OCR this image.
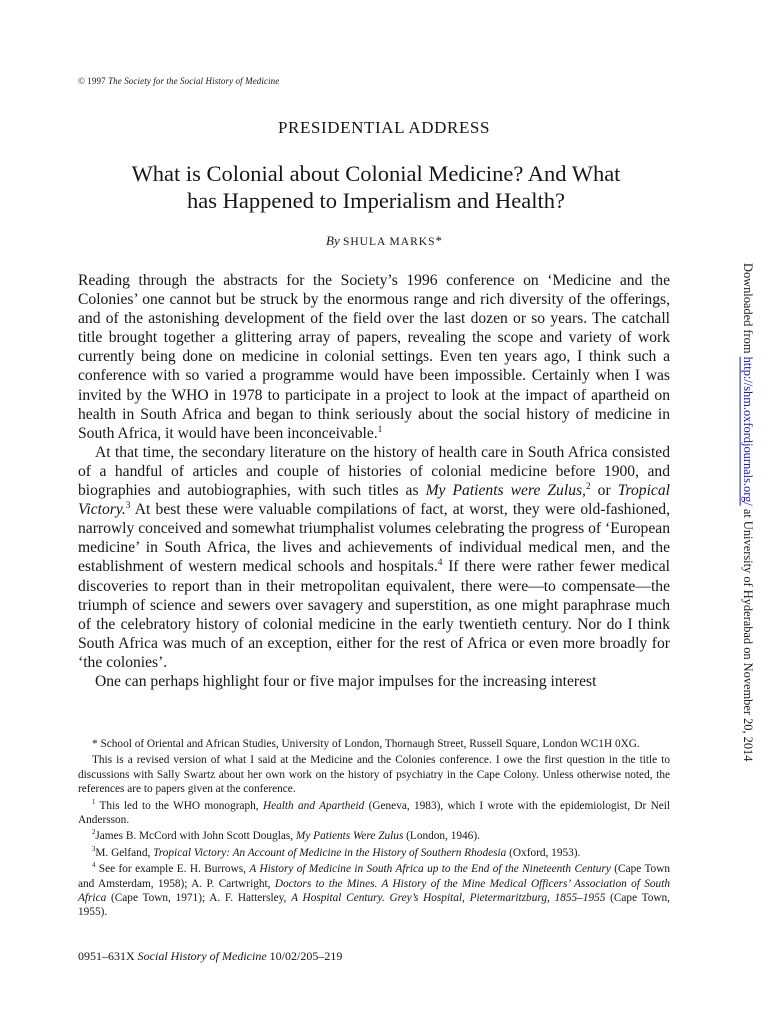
© 1997 The Society for the Social History of Medicine
PRESIDENTIAL ADDRESS
What is Colonial about Colonial Medicine? And What
has Happened to Imperialism and Health?
By SHULA MARKS*

Reading through the abstracts for the Society’s 1996 conference on ‘Medicine and the Colonies’ one cannot but be struck by the enormous range and rich diversity of the offerings, and of the astonishing development of the field over the last dozen or so years. The catchall title brought together a glittering array of papers, revealing the scope and variety of work currently being done on medicine in colonial settings. Even ten years ago, I think such a conference with so varied a programme would have been impossible. Certainly when I was invited by the WHO in 1978 to participate in a project to look at the impact of apartheid on health in South Africa and began to think seriously about the social history of medicine in South Africa, it would have been inconceivable.$^1$

At that time, the secondary literature on the history of health care in South Africa consisted of a handful of articles and couple of histories of colonial medicine before 1900, and biographies and autobiographies, with such titles as My Patients were Zulus,$^2$ or Tropical Victory.$^3$ At best these were valuable compilations of fact, at worst, they were old-fashioned, narrowly conceived and somewhat triumphalist volumes celebrating the progress of ‘European medicine’ in South Africa, the lives and achievements of individual medical men, and the establishment of western medical schools and hospitals.$^4$ If there were rather fewer medical discoveries to report than in their metropolitan equivalent, there were—to compensate—the triumph of science and sewers over savagery and superstition, as one might paraphrase much of the celebratory history of colonial medicine in the early twentieth century. Nor do I think South Africa was much of an exception, either for the rest of Africa or even more broadly for ‘the colonies’.

One can perhaps highlight four or five major impulses for the increasing interest

* School of Oriental and African Studies, University of London, Thornaugh Street, Russell Square, London WC1H 0XG.

This is a revised version of what I said at the Medicine and the Colonies conference. I owe the first question in the title to discussions with Sally Swartz about her own work on the history of psychiatry in the Cape Colony. Unless otherwise noted, the references are to papers given at the conference.

$^1$ This led to the WHO monograph, Health and Apartheid (Geneva, 1983), which I wrote with the epidemiologist, Dr Neil Andersson.

$^2$James B. McCord with John Scott Douglas, My Patients Were Zulus (London, 1946).

$^3$M. Gelfand, Tropical Victory: An Account of Medicine in the History of Southern Rhodesia (Oxford, 1953).

$^4$ See for example E. H. Burrows, A History of Medicine in South Africa up to the End of the Nineteenth Century (Cape Town and Amsterdam, 1958); A. P. Cartwright, Doctors to the Mines. A History of the Mine Medical Officers’ Association of South Africa (Cape Town, 1971); A. F. Hattersley, A Hospital Century. Grey’s Hospital, Pietermaritzburg, 1855–1955 (Cape Town, 1955).

0951–631X Social History of Medicine 10/02/205–219
Downloaded from http://shm.oxfordjournals.org/ at University of Hyderabad on November 20, 2014
